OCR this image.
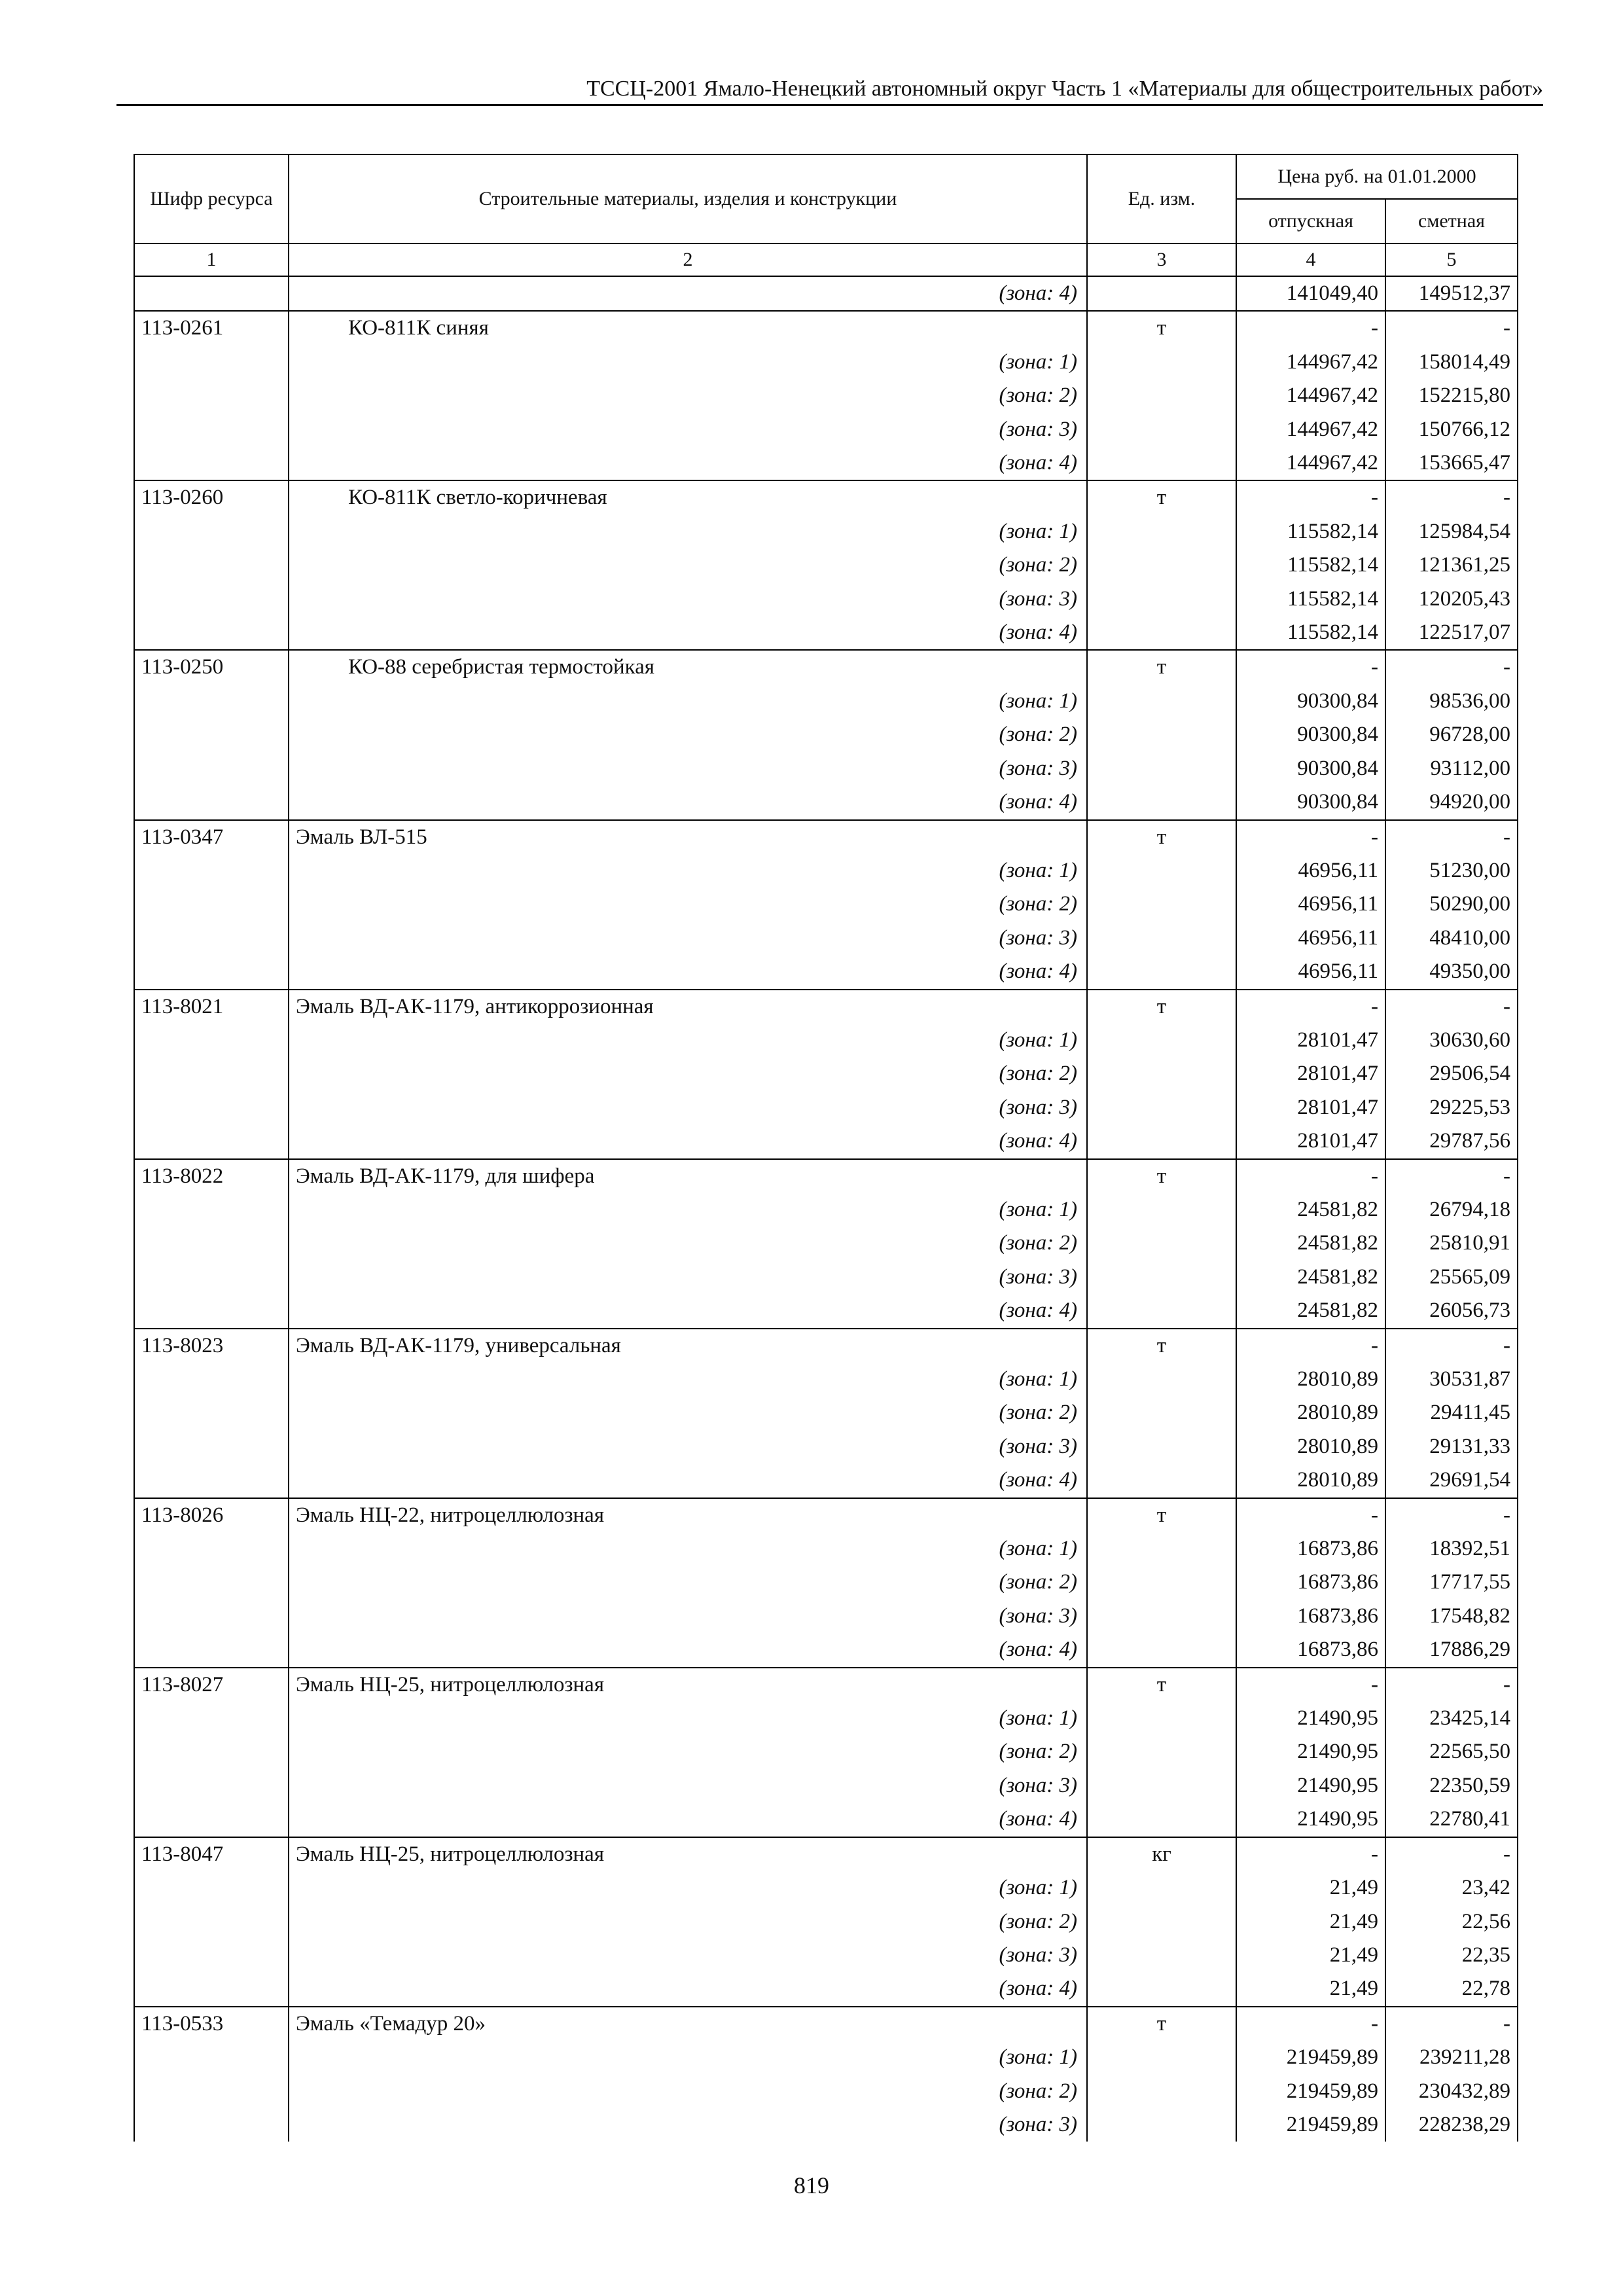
ТССЦ-2001 Ямало-Ненецкий автономный округ Часть 1 «Материалы для общестроительных работ»
Шифр ресурса	Строительные материалы, изделия и конструкции	Ед. изм.	Цена руб. на 01.01.2000	
			отпускная	сметная
1	2	3	4	5
	(зона: 4)		141049,40	149512,37
113-0261	КО-811К синяя	т	-	-
	(зона: 1)		144967,42	158014,49
	(зона: 2)		144967,42	152215,80
	(зона: 3)		144967,42	150766,12
	(зона: 4)		144967,42	153665,47
113-0260	КО-811К светло-коричневая	т	-	-
	(зона: 1)		115582,14	125984,54
	(зона: 2)		115582,14	121361,25
	(зона: 3)		115582,14	120205,43
	(зона: 4)		115582,14	122517,07
113-0250	КО-88 серебристая термостойкая	т	-	-
	(зона: 1)		90300,84	98536,00
	(зона: 2)		90300,84	96728,00
	(зона: 3)		90300,84	93112,00
	(зона: 4)		90300,84	94920,00
113-0347	Эмаль ВЛ-515	т	-	-
	(зона: 1)		46956,11	51230,00
	(зона: 2)		46956,11	50290,00
	(зона: 3)		46956,11	48410,00
	(зона: 4)		46956,11	49350,00
113-8021	Эмаль ВД-АК-1179, антикоррозионная	т	-	-
	(зона: 1)		28101,47	30630,60
	(зона: 2)		28101,47	29506,54
	(зона: 3)		28101,47	29225,53
	(зона: 4)		28101,47	29787,56
113-8022	Эмаль ВД-АК-1179, для шифера	т	-	-
	(зона: 1)		24581,82	26794,18
	(зона: 2)		24581,82	25810,91
	(зона: 3)		24581,82	25565,09
	(зона: 4)		24581,82	26056,73
113-8023	Эмаль ВД-АК-1179, универсальная	т	-	-
	(зона: 1)		28010,89	30531,87
	(зона: 2)		28010,89	29411,45
	(зона: 3)		28010,89	29131,33
	(зона: 4)		28010,89	29691,54
113-8026	Эмаль НЦ-22, нитроцеллюлозная	т	-	-
	(зона: 1)		16873,86	18392,51
	(зона: 2)		16873,86	17717,55
	(зона: 3)		16873,86	17548,82
	(зона: 4)		16873,86	17886,29
113-8027	Эмаль НЦ-25, нитроцеллюлозная	т	-	-
	(зона: 1)		21490,95	23425,14
	(зона: 2)		21490,95	22565,50
	(зона: 3)		21490,95	22350,59
	(зона: 4)		21490,95	22780,41
113-8047	Эмаль НЦ-25, нитроцеллюлозная	кг	-	-
	(зона: 1)		21,49	23,42
	(зона: 2)		21,49	22,56
	(зона: 3)		21,49	22,35
	(зона: 4)		21,49	22,78
113-0533	Эмаль «Темадур 20»	т	-	-
	(зона: 1)		219459,89	239211,28
	(зона: 2)		219459,89	230432,89
	(зона: 3)		219459,89	228238,29
819
